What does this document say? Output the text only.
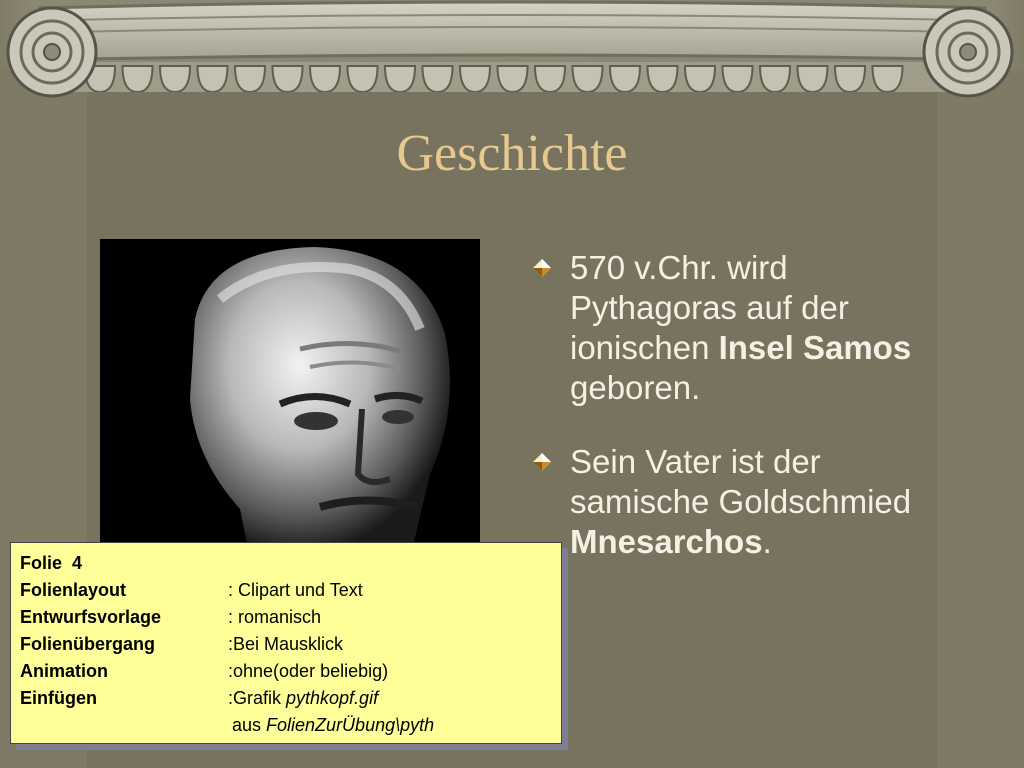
Geschichte
570 v.Chr. wird Pythagoras auf der ionischen Insel Samos geboren.
Sein Vater ist der samische Goldschmied Mnesarchos.
Folie 4
Folienlayout	: Clipart und Text
Entwurfsvorlage	: romanisch
Folienübergang	:Bei Mausklick
Animation	:ohne(oder beliebig)
Einfügen	:Grafik pythkopf.gif
aus FolienZurÜbung\pyth
